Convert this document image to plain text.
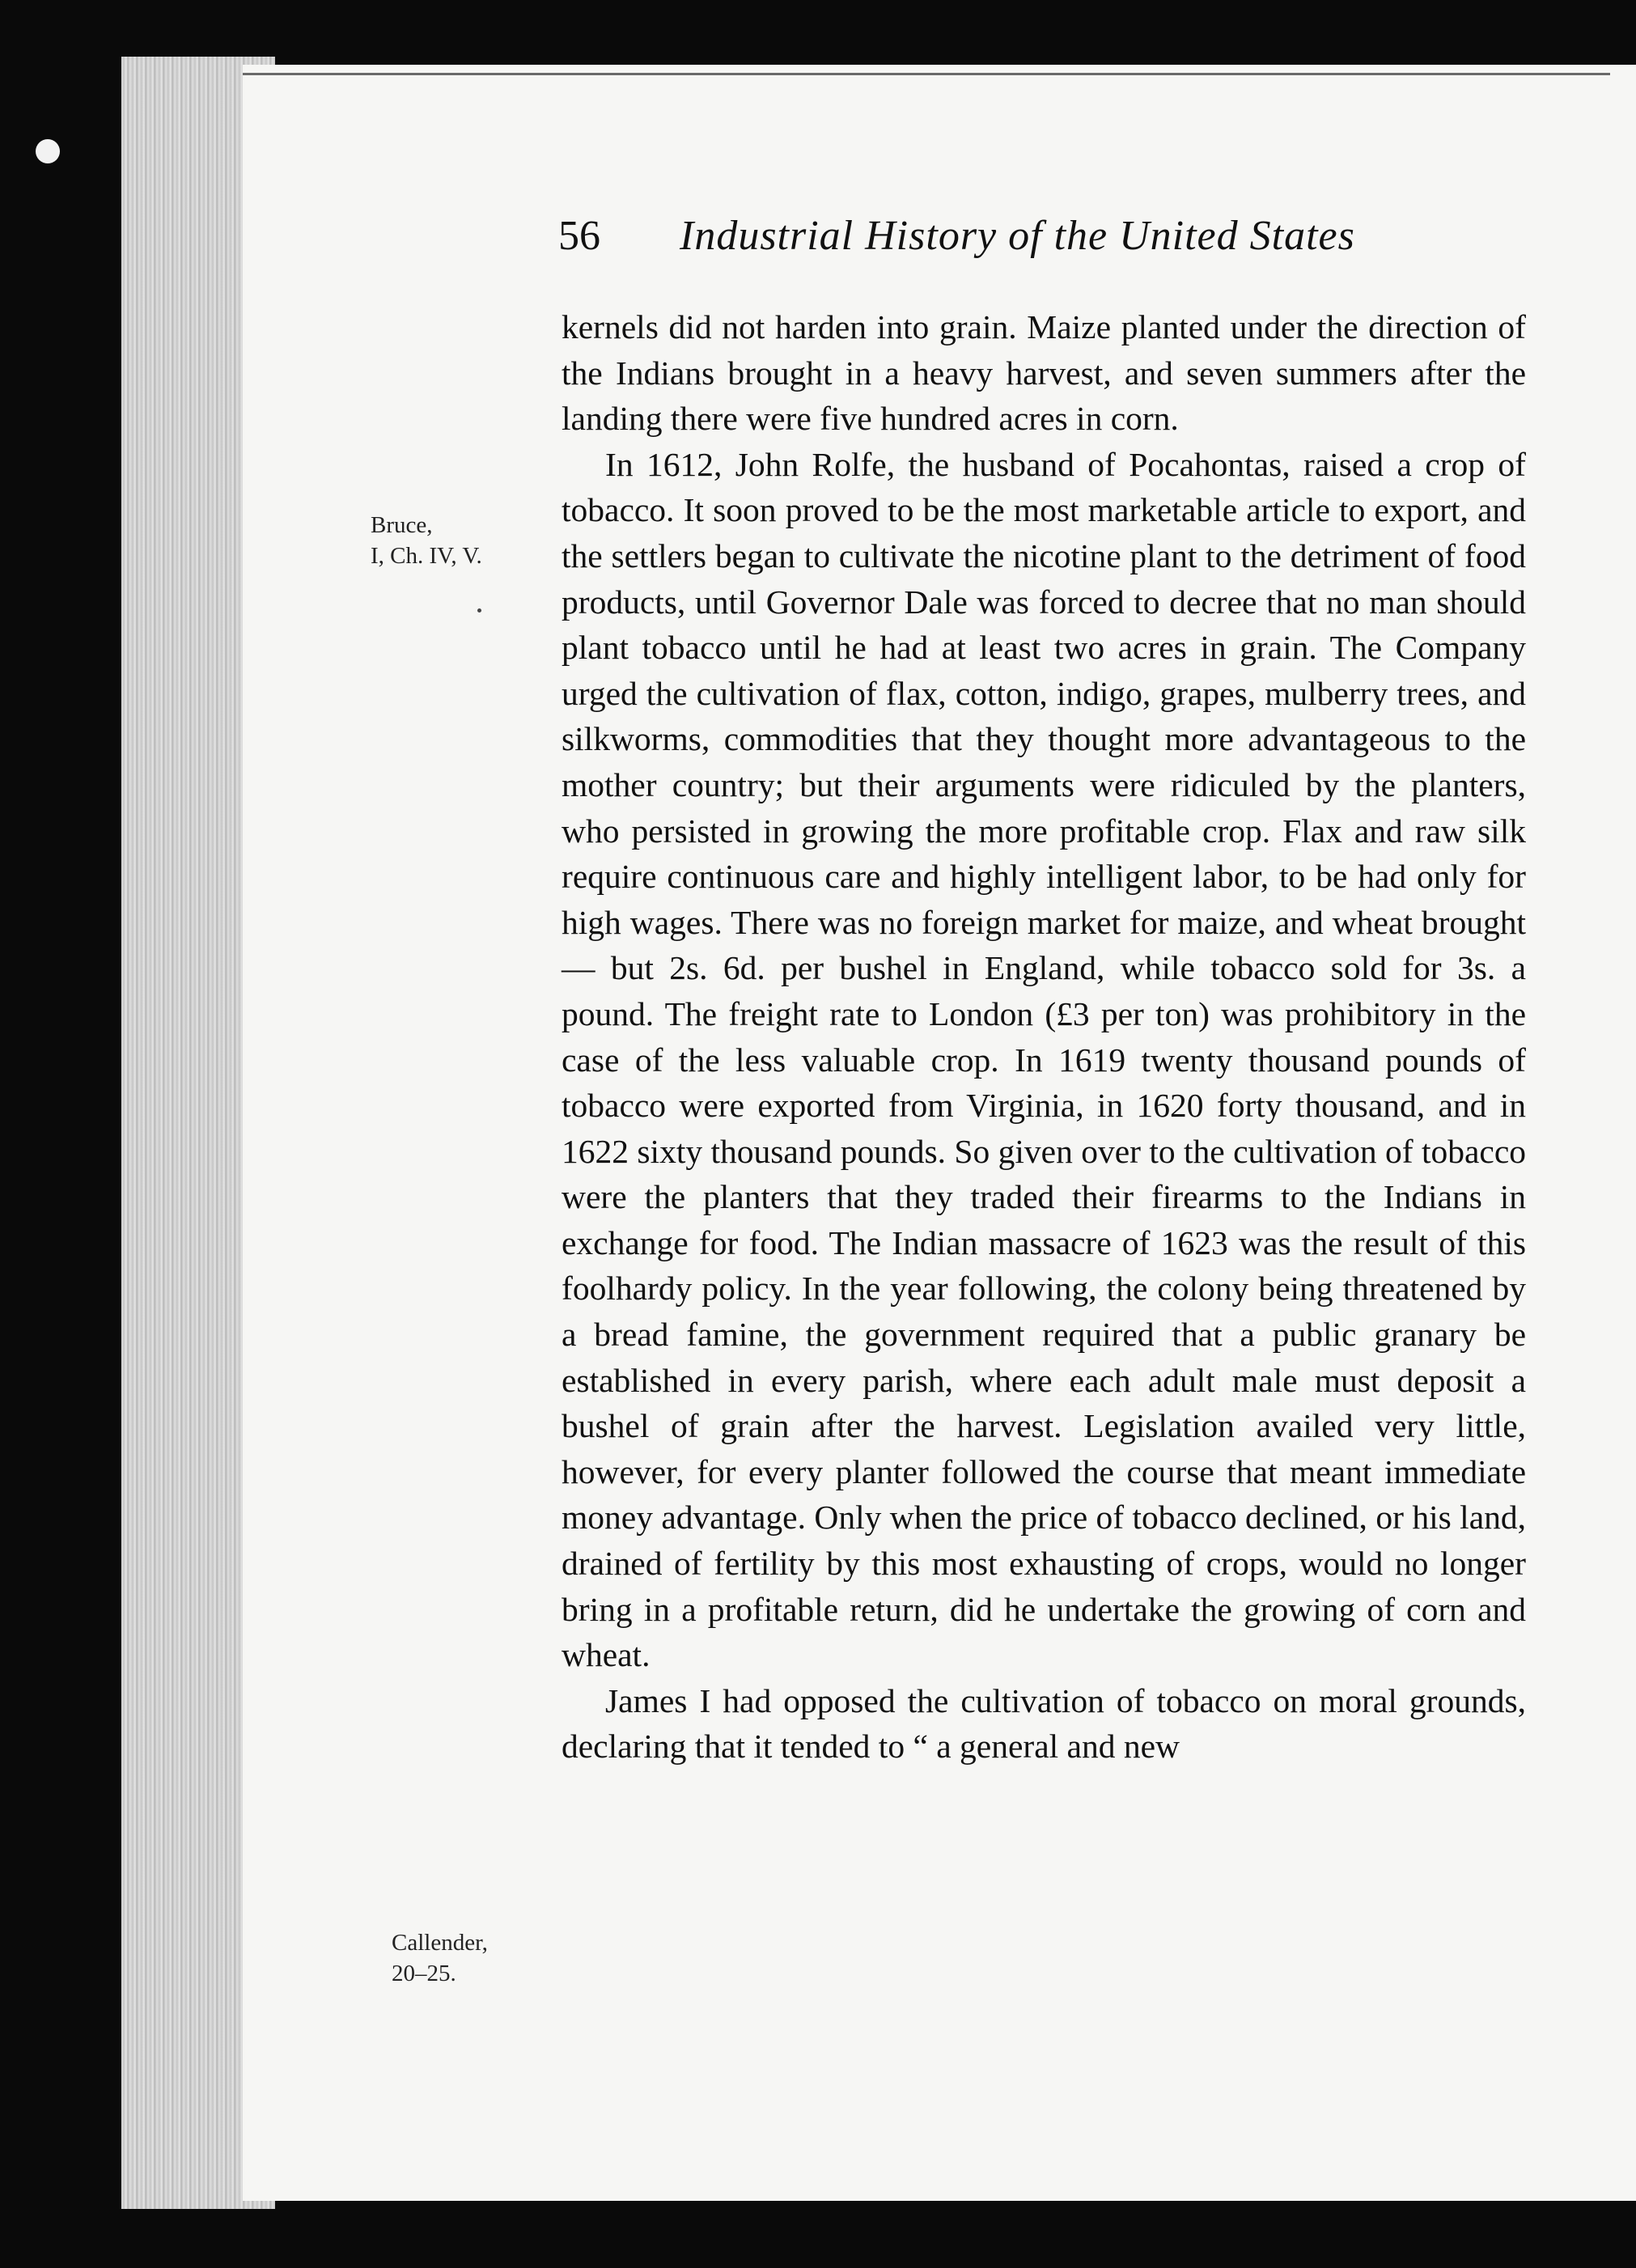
56 Industrial History of the United States
Bruce,
I, Ch. IV, V.
Callender,
20–25.

kernels did not harden into grain. Maize planted under the direction of the Indians brought in a heavy harvest, and seven summers after the landing there were five hundred acres in corn.

In 1612, John Rolfe, the husband of Pocahontas, raised a crop of tobacco. It soon proved to be the most marketable article to export, and the settlers began to cultivate the nicotine plant to the detriment of food products, until Governor Dale was forced to decree that no man should plant tobacco until he had at least two acres in grain. The Company urged the cultivation of flax, cotton, indigo, grapes, mulberry trees, and silkworms, commodities that they thought more advantageous to the mother country; but their arguments were ridiculed by the planters, who persisted in growing the more profitable crop. Flax and raw silk require continuous care and highly intelligent labor, to be had only for high wages. There was no foreign market for maize, and wheat brought — but 2s. 6d. per bushel in England, while tobacco sold for 3s. a pound. The freight rate to London (£3 per ton) was prohibitory in the case of the less valuable crop. In 1619 twenty thousand pounds of tobacco were exported from Virginia, in 1620 forty thousand, and in 1622 sixty thousand pounds. So given over to the cultivation of tobacco were the planters that they traded their firearms to the Indians in exchange for food. The Indian massacre of 1623 was the result of this foolhardy policy. In the year following, the colony being threatened by a bread famine, the government required that a public granary be established in every parish, where each adult male must deposit a bushel of grain after the harvest. Legislation availed very little, however, for every planter followed the course that meant immediate money advantage. Only when the price of tobacco declined, or his land, drained of fertility by this most exhausting of crops, would no longer bring in a profitable return, did he undertake the growing of corn and wheat.

James I had opposed the cultivation of tobacco on moral grounds, declaring that it tended to “ a general and new
